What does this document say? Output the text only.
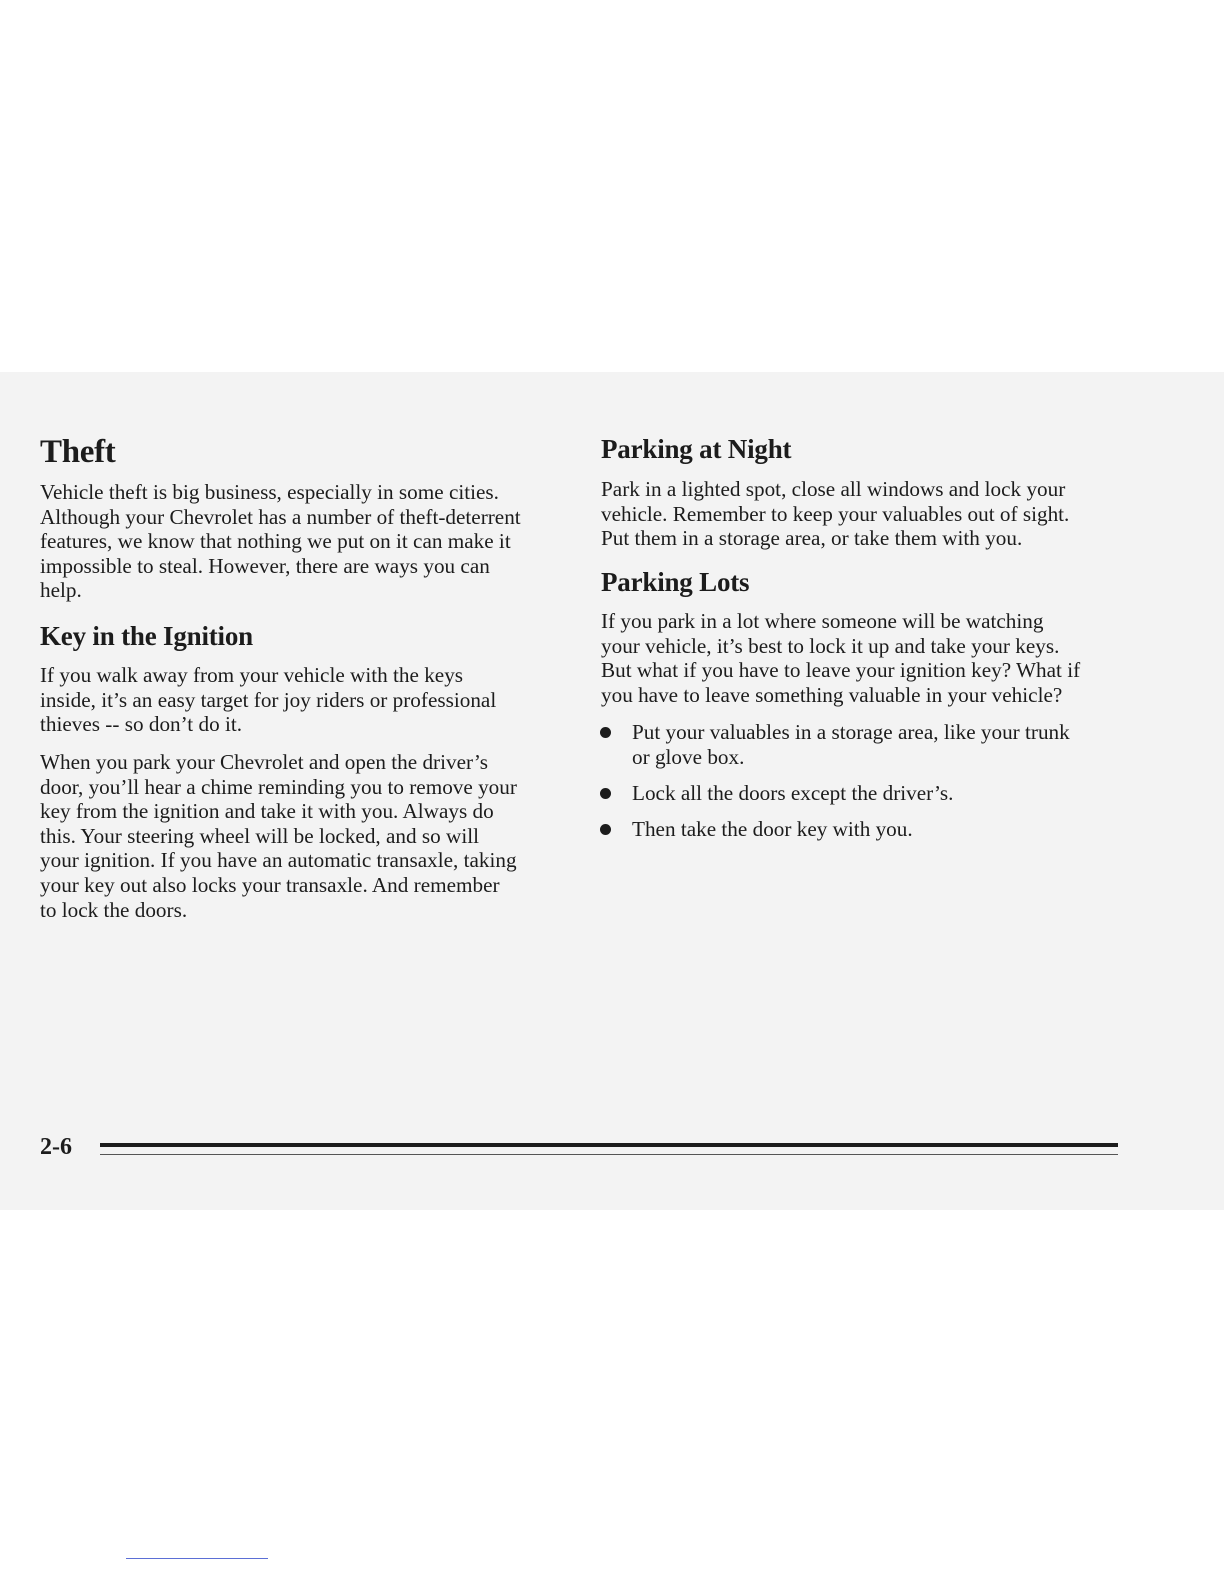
Theft

Vehicle theft is big business, especially in some cities.
Although your Chevrolet has a number of theft-deterrent
features, we know that nothing we put on it can make it
impossible to steal. However, there are ways you can
help.

Key in the Ignition

If you walk away from your vehicle with the keys
inside, it’s an easy target for joy riders or professional
thieves -- so don’t do it.

When you park your Chevrolet and open the driver’s
door, you’ll hear a chime reminding you to remove your
key from the ignition and take it with you. Always do
this. Your steering wheel will be locked, and so will
your ignition. If you have an automatic transaxle, taking
your key out also locks your transaxle. And remember
to lock the doors.

Parking at Night

Park in a lighted spot, close all windows and lock your
vehicle. Remember to keep your valuables out of sight.
Put them in a storage area, or take them with you.

Parking Lots

If you park in a lot where someone will be watching
your vehicle, it’s best to lock it up and take your keys.
But what if you have to leave your ignition key? What if
you have to leave something valuable in your vehicle?

Put your valuables in a storage area, like your trunk
or glove box.
Lock all the doors except the driver’s.
Then take the door key with you.
2-6
